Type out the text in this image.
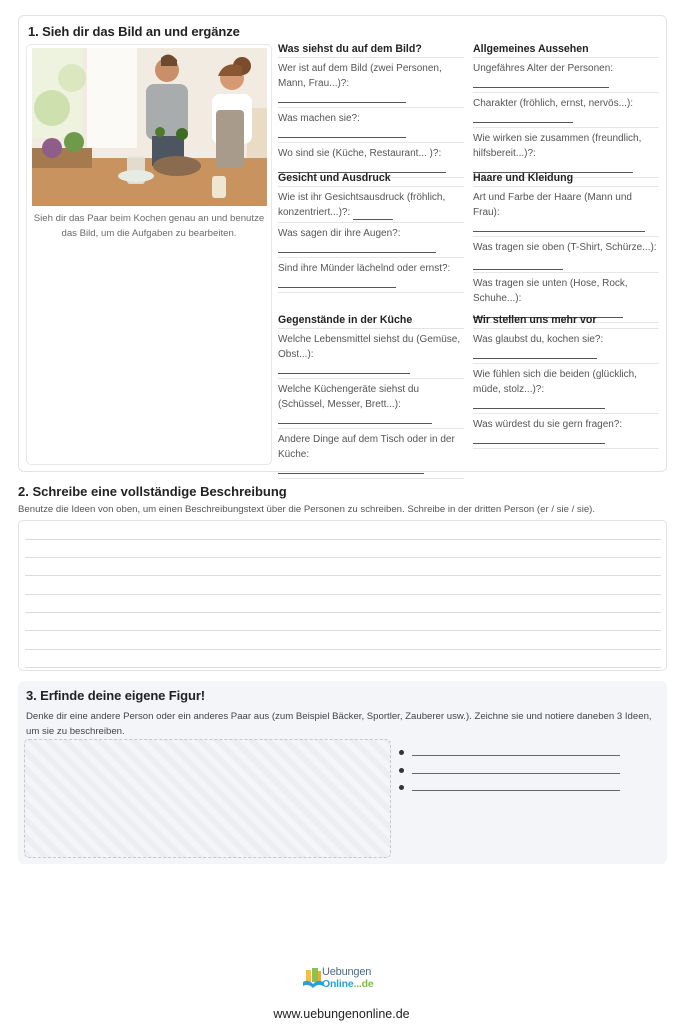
1. Sieh dir das Bild an und ergänze
Sieh dir das Paar beim Kochen genau an und benutze das Bild, um die Aufgaben zu bearbeiten.
Was siehst du auf dem Bild?
Wer ist auf dem Bild (zwei Personen, Mann, Frau...)?:
Was machen sie?:
Wo sind sie (Küche, Restaurant... )?:
Allgemeines Aussehen
Ungefähres Alter der Personen:
Charakter (fröhlich, ernst, nervös...):
Wie wirken sie zusammen (freundlich, hilfsbereit...)?:
Gesicht und Ausdruck
Wie ist ihr Gesichtsausdruck (fröhlich, konzentriert...)?:
Was sagen dir ihre Augen?:
Sind ihre Münder lächelnd oder ernst?:
Haare und Kleidung
Art und Farbe der Haare (Mann und Frau):
Was tragen sie oben (T-Shirt, Schürze...):
Was tragen sie unten (Hose, Rock, Schuhe...):
Gegenstände in der Küche
Welche Lebensmittel siehst du (Gemüse, Obst...):
Welche Küchengeräte siehst du (Schüssel, Messer, Brett...):
Andere Dinge auf dem Tisch oder in der Küche:
Wir stellen uns mehr vor
Was glaubst du, kochen sie?:
Wie fühlen sich die beiden (glücklich, müde, stolz...)?:
Was würdest du sie gern fragen?:
2. Schreibe eine vollständige Beschreibung
Benutze die Ideen von oben, um einen Beschreibungstext über die Personen zu schreiben. Schreibe in der dritten Person (er / sie / sie).
3. Erfinde deine eigene Figur!
Denke dir eine andere Person oder ein anderes Paar aus (zum Beispiel Bäcker, Sportler, Zauberer usw.). Zeichne sie und notiere daneben 3 Ideen, um sie zu beschreiben.
Uebungen
Online...de
www.uebungenonline.de
